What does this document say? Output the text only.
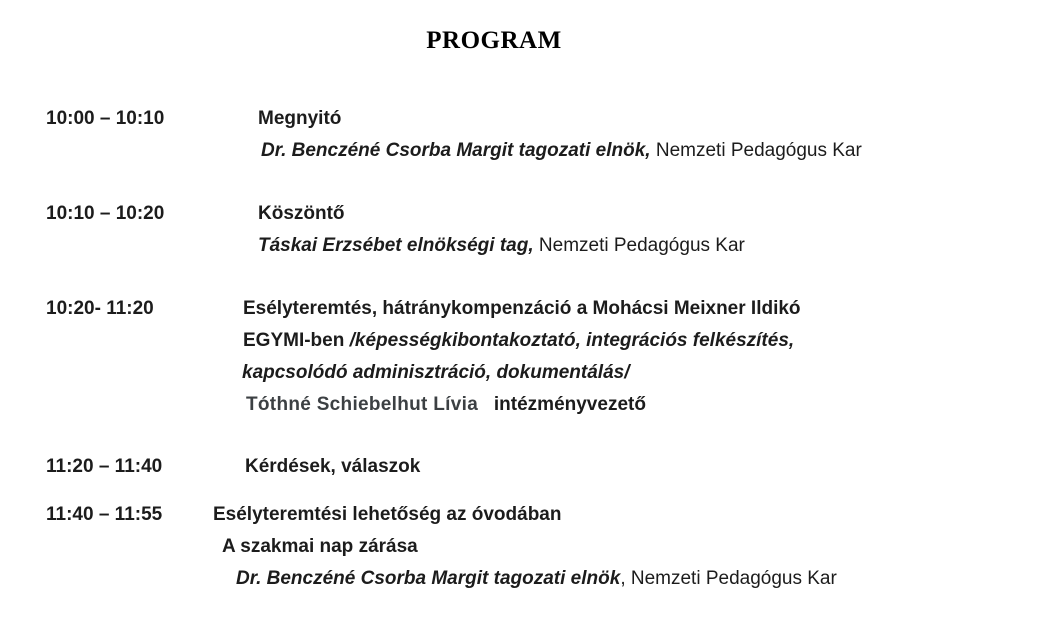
PROGRAM
10:00 – 10:10	Megnyitó
Dr. Benczéné Csorba Margit tagozati elnök, Nemzeti Pedagógus Kar
10:10 – 10:20	Köszöntő
Táskai Erzsébet elnökségi tag, Nemzeti Pedagógus Kar
10:20- 11:20	Esélyteremtés, hátránykompenzáció a Mohácsi Meixner Ildikó
EGYMI-ben /képességkibontakoztató, integrációs felkészítés,
kapcsolódó adminisztráció, dokumentálás/
Tóthné Schiebelhut Lívia   intézményvezető
11:20 – 11:40	Kérdések, válaszok
11:40 – 11:55	Esélyteremtési lehetőség az óvodában
A szakmai nap zárása
Dr. Benczéné Csorba Margit tagozati elnök, Nemzeti Pedagógus Kar
